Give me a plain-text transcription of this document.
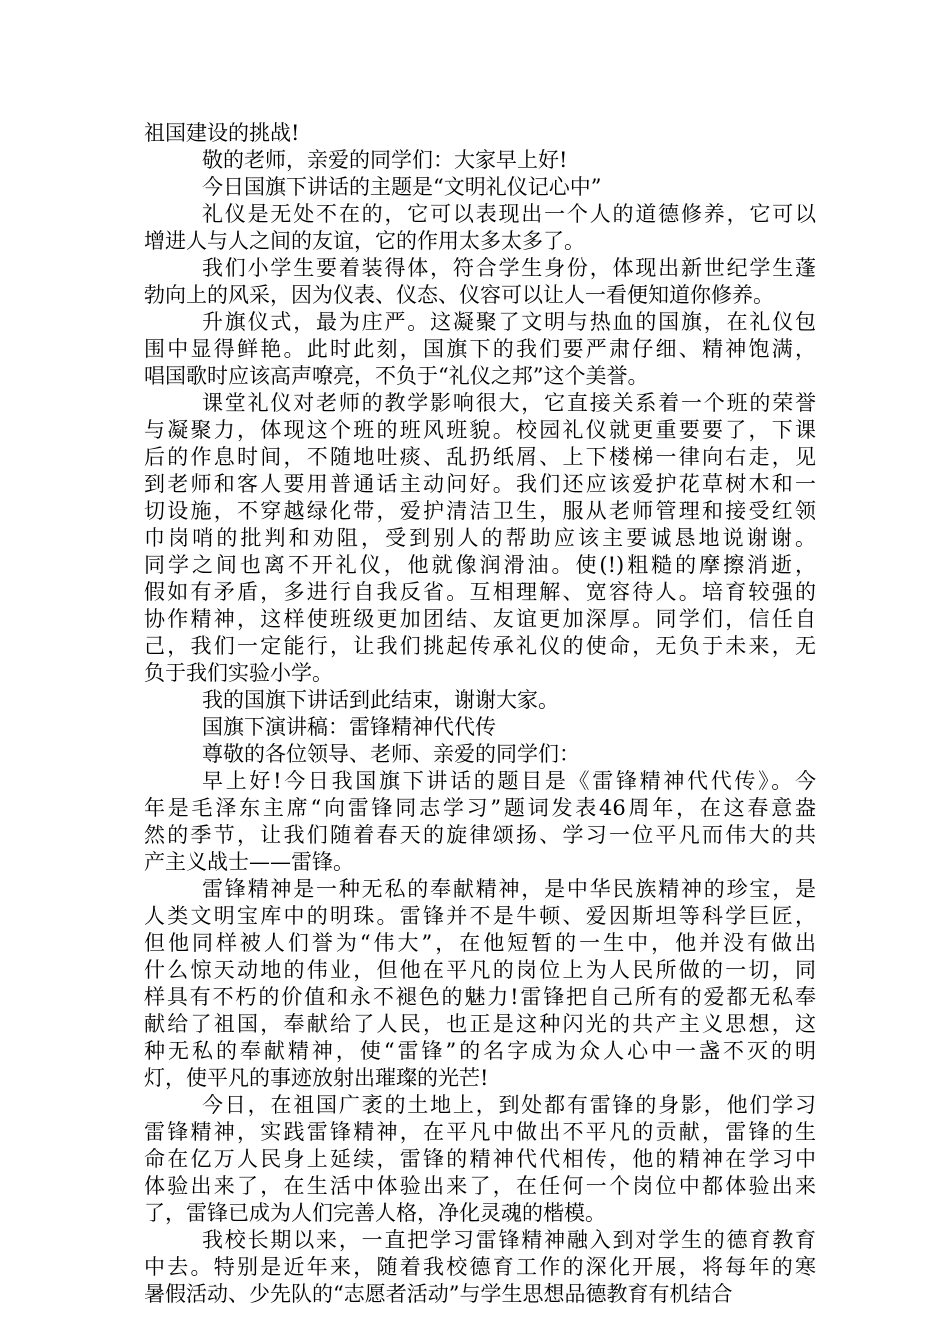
祖国建设的挑战!
敬的老师，亲爱的同学们：大家早上好!
今日国旗下讲话的主题是“文明礼仪记心中”
礼仪是无处不在的，它可以表现出一个人的道德修养，它可以
增进人与人之间的友谊，它的作用太多太多了。
我们小学生要着装得体，符合学生身份，体现出新世纪学生蓬
勃向上的风采，因为仪表、仪态、仪容可以让人一看便知道你修养。
升旗仪式，最为庄严。这凝聚了文明与热血的国旗，在礼仪包
围中显得鲜艳。此时此刻，国旗下的我们要严肃仔细、精神饱满，
唱国歌时应该高声嘹亮，不负于“礼仪之邦”这个美誉。
课堂礼仪对老师的教学影响很大，它直接关系着一个班的荣誉
与凝聚力，体现这个班的班风班貌。校园礼仪就更重要要了，下课
后的作息时间，不随地吐痰、乱扔纸屑、上下楼梯一律向右走，见
到老师和客人要用普通话主动问好。我们还应该爱护花草树木和一
切设施，不穿越绿化带，爱护清洁卫生，服从老师管理和接受红领
巾岗哨的批判和劝阻，受到别人的帮助应该主要诚恳地说谢谢。
同学之间也离不开礼仪，他就像润滑油。使(!)粗糙的摩擦消逝，
假如有矛盾，多进行自我反省。互相理解、宽容待人。培育较强的
协作精神，这样使班级更加团结、友谊更加深厚。同学们，信任自
己，我们一定能行，让我们挑起传承礼仪的使命，无负于未来，无
负于我们实验小学。
我的国旗下讲话到此结束，谢谢大家。
国旗下演讲稿：雷锋精神代代传
尊敬的各位领导、老师、亲爱的同学们：
早上好!今日我国旗下讲话的题目是《雷锋精神代代传》。今
年是毛泽东主席“向雷锋同志学习”题词发表46周年，在这春意盎
然的季节，让我们随着春天的旋律颂扬、学习一位平凡而伟大的共
产主义战士——雷锋。
雷锋精神是一种无私的奉献精神，是中华民族精神的珍宝，是
人类文明宝库中的明珠。雷锋并不是牛顿、爱因斯坦等科学巨匠，
但他同样被人们誉为“伟大”，在他短暂的一生中，他并没有做出
什么惊天动地的伟业，但他在平凡的岗位上为人民所做的一切，同
样具有不朽的价值和永不褪色的魅力!雷锋把自己所有的爱都无私奉
献给了祖国，奉献给了人民，也正是这种闪光的共产主义思想，这
种无私的奉献精神，使“雷锋”的名字成为众人心中一盏不灭的明
灯，使平凡的事迹放射出璀璨的光芒!
今日，在祖国广袤的土地上，到处都有雷锋的身影，他们学习
雷锋精神，实践雷锋精神，在平凡中做出不平凡的贡献，雷锋的生
命在亿万人民身上延续，雷锋的精神代代相传，他的精神在学习中
体验出来了，在生活中体验出来了，在任何一个岗位中都体验出来
了，雷锋已成为人们完善人格，净化灵魂的楷模。
我校长期以来，一直把学习雷锋精神融入到对学生的德育教育
中去。特别是近年来，随着我校德育工作的深化开展，将每年的寒
暑假活动、少先队的“志愿者活动”与学生思想品德教育有机结合
